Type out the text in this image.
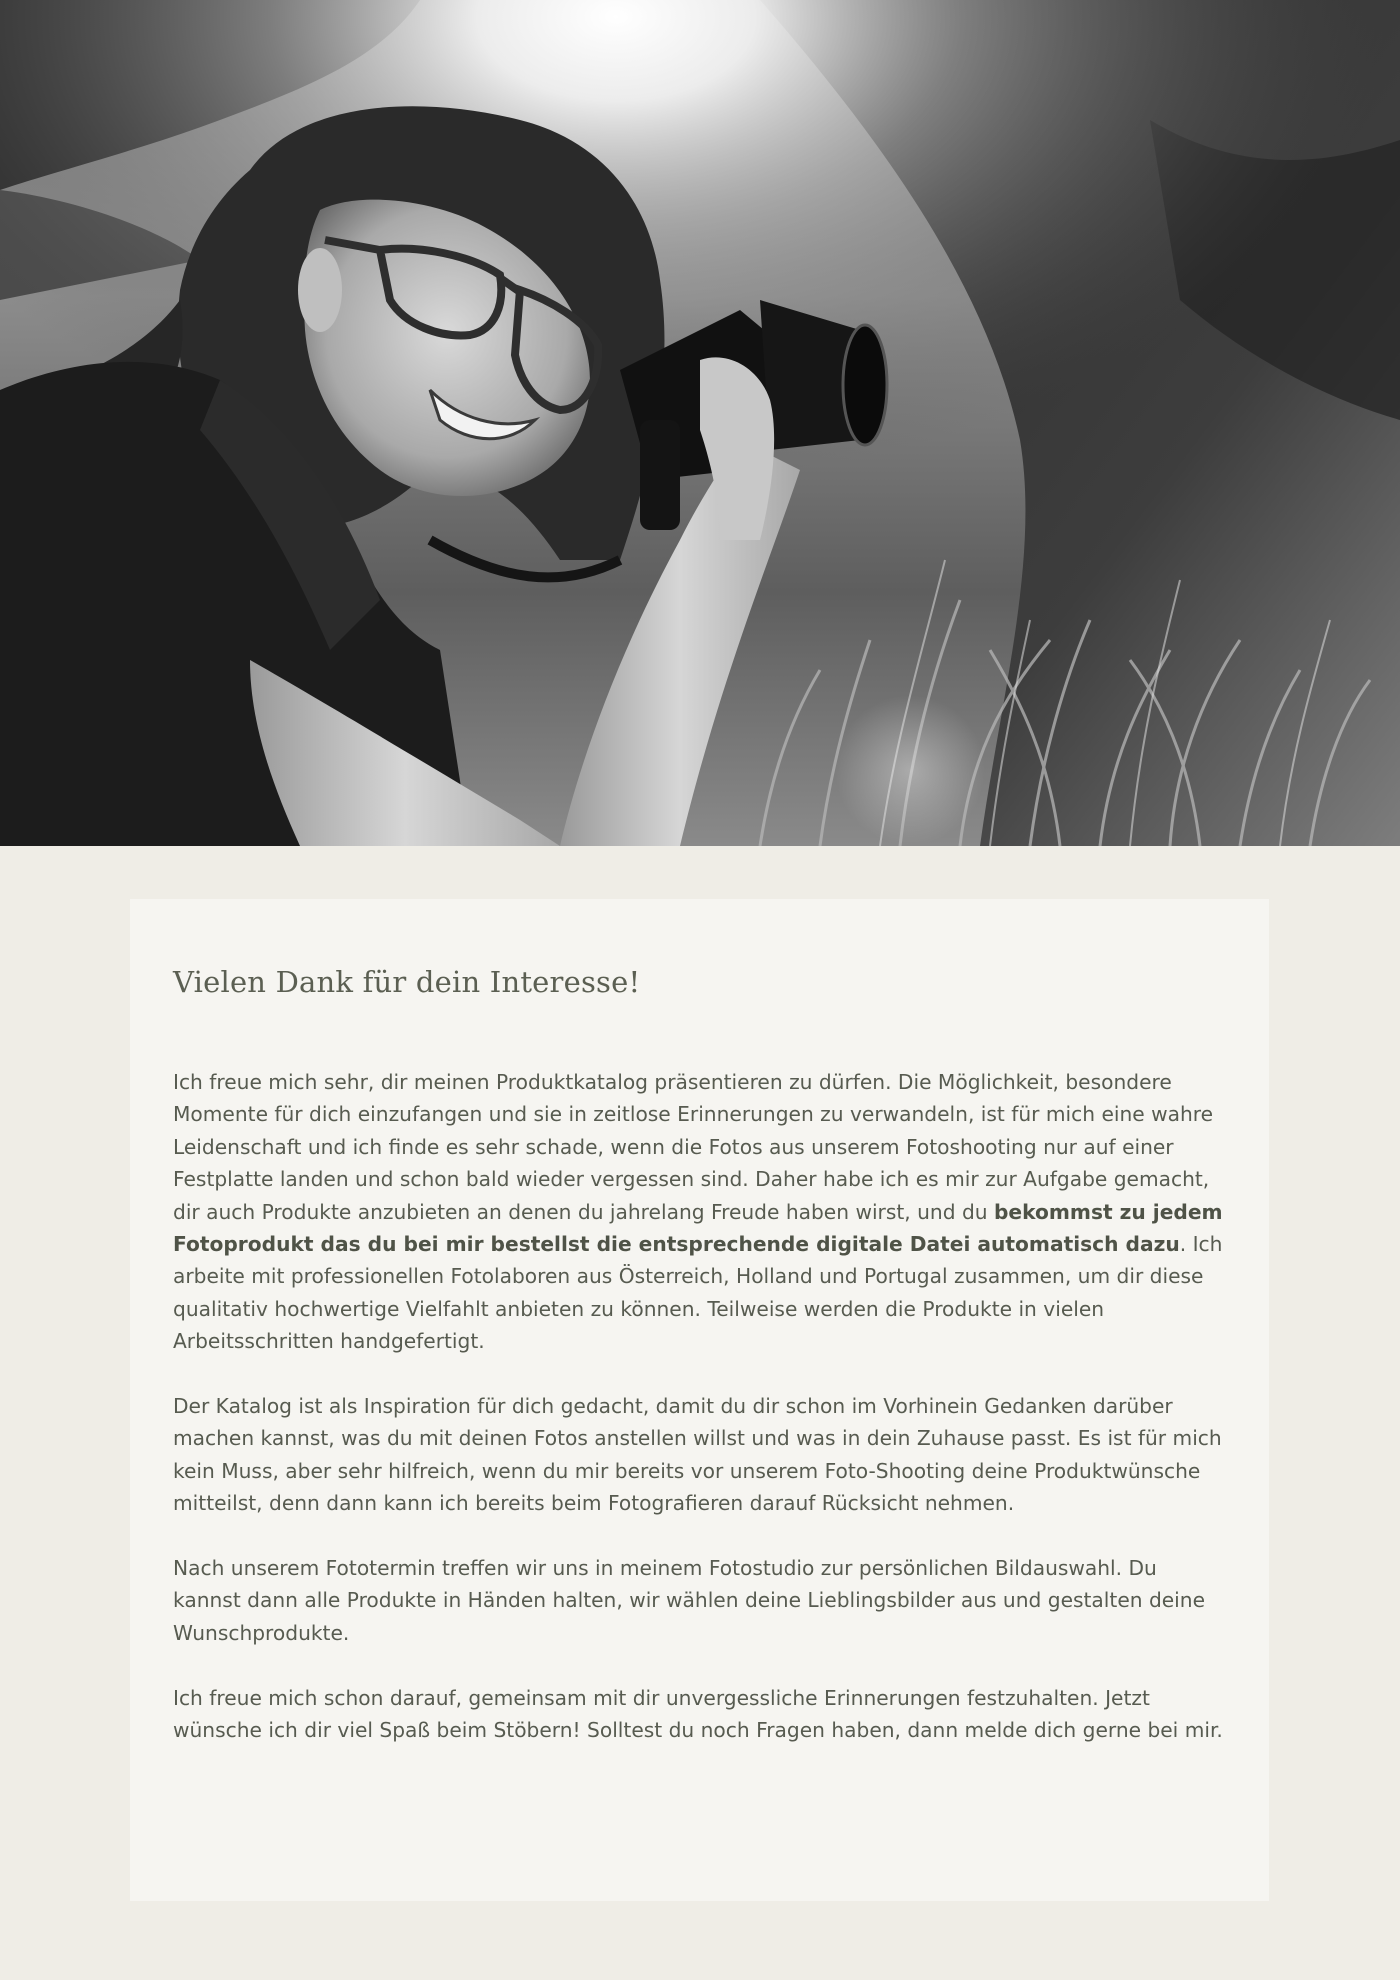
Vielen Dank für dein Interesse!

Ich freue mich sehr, dir meinen Produktkatalog präsentieren zu dürfen. Die Möglichkeit, besondere Momente für dich einzufangen und sie in zeitlose Erinnerungen zu verwandeln, ist für mich eine wahre Leidenschaft und ich finde es sehr schade, wenn die Fotos aus unserem Fotoshooting nur auf einer Festplatte landen und schon bald wieder vergessen sind. Daher habe ich es mir zur Aufgabe gemacht, dir auch Produkte anzubieten an denen du jahrelang Freude haben wirst, und du bekommst zu jedem Fotoprodukt das du bei mir bestellst die entsprechende digitale Datei automatisch dazu. Ich arbeite mit professionellen Fotolaboren aus Österreich, Holland und Portugal zusammen, um dir diese qualitativ hochwertige Vielfahlt anbieten zu können. Teilweise werden die Produkte in vielen Arbeitsschritten handgefertigt.

Der Katalog ist als Inspiration für dich gedacht, damit du dir schon im Vorhinein Gedanken darüber machen kannst, was du mit deinen Fotos anstellen willst und was in dein Zuhause passt. Es ist für mich kein Muss, aber sehr hilfreich, wenn du mir bereits vor unserem Foto-Shooting deine Produktwünsche mitteilst, denn dann kann ich bereits beim Fotografieren darauf Rücksicht nehmen.

Nach unserem Fototermin treffen wir uns in meinem Fotostudio zur persönlichen Bildauswahl. Du kannst dann alle Produkte in Händen halten, wir wählen deine Lieblingsbilder aus und gestalten deine Wunschprodukte.

Ich freue mich schon darauf, gemeinsam mit dir unvergessliche Erinnerungen festzuhalten. Jetzt wünsche ich dir viel Spaß beim Stöbern! Solltest du noch Fragen haben, dann melde dich gerne bei mir.
